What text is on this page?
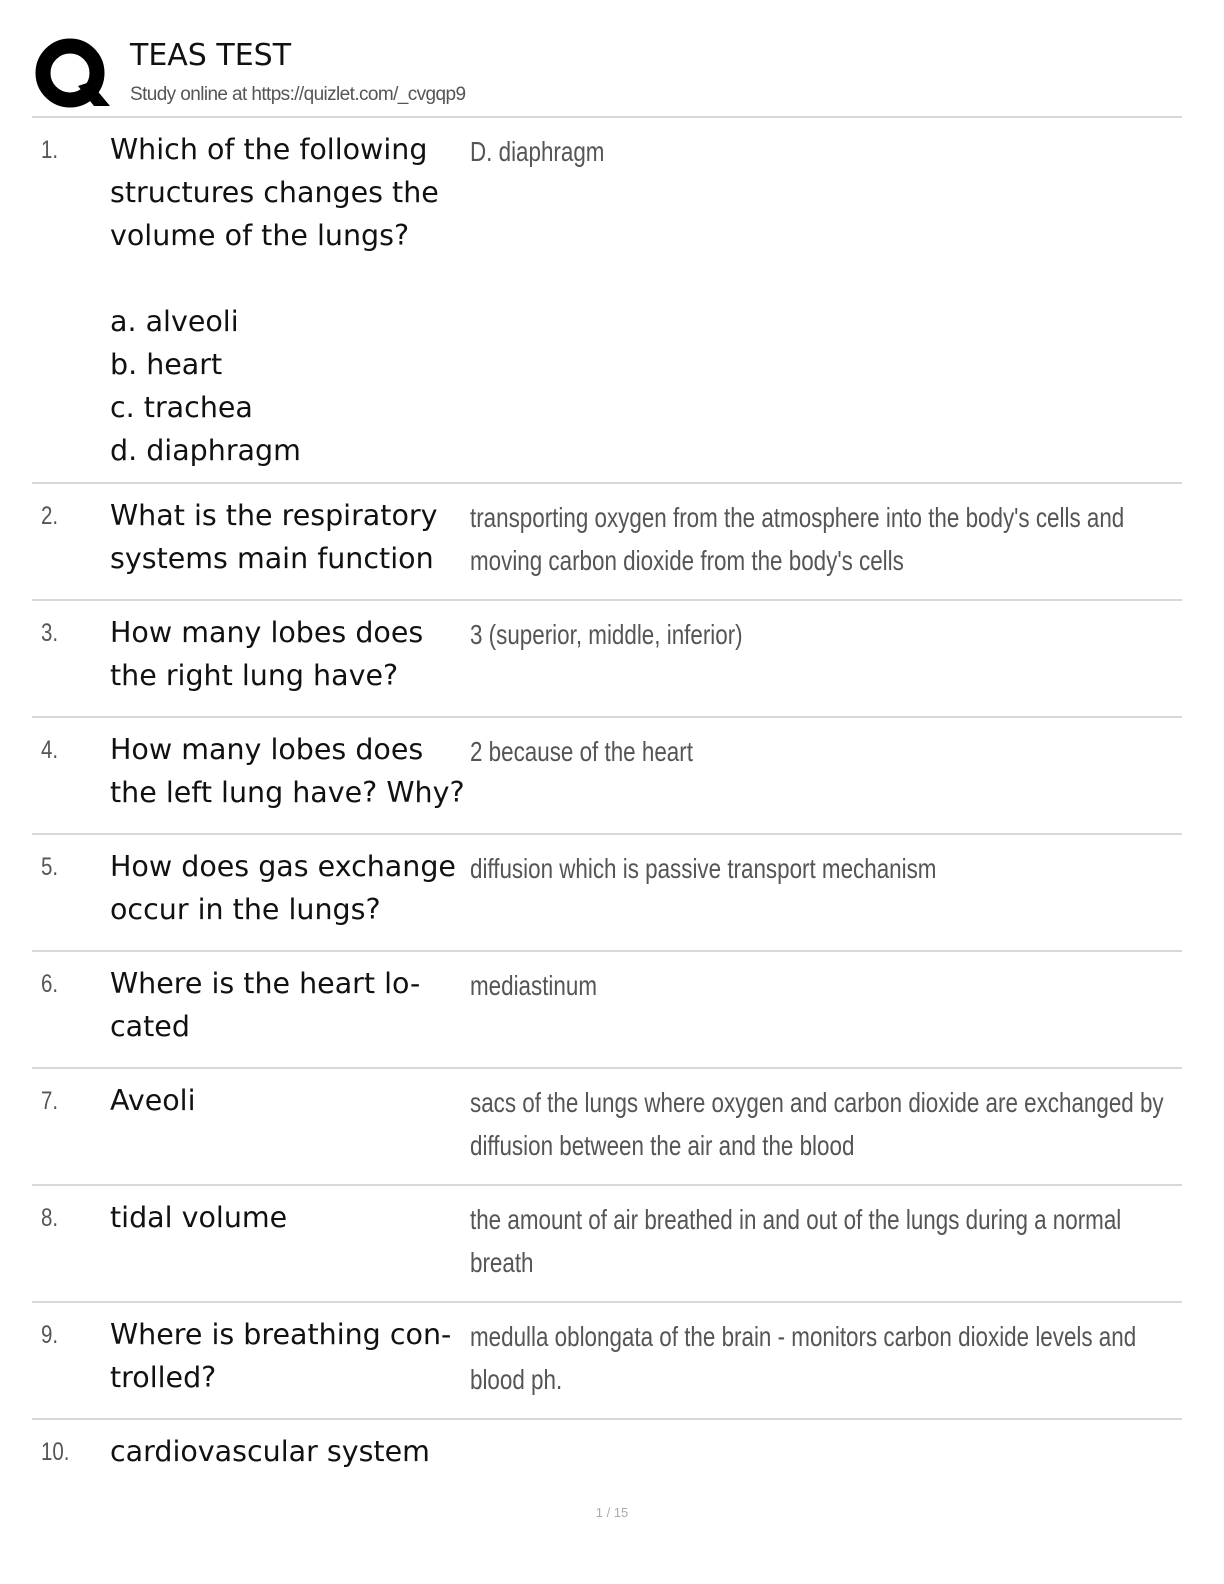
TEAS TEST
Study online at https://quizlet.com/_cvgqp9
1. Which of the following
structures changes the
volume of the lungs?

a. alveoli
b. heart
c. trachea
d. diaphragm
D. diaphragm
2. What is the respiratory
systems main function
transporting oxygen from the atmosphere into the body's cells and
moving carbon dioxide from the body's cells
3. How many lobes does
the right lung have?
3 (superior, middle, inferior)
4. How many lobes does
the left lung have? Why?
2 because of the heart
5. How does gas exchange
occur in the lungs?
diffusion which is passive transport mechanism
6. Where is the heart lo-
cated
mediastinum
7. Aveoli	sacs of the lungs where oxygen and carbon dioxide are exchanged by
diffusion between the air and the blood
8. tidal volume	the amount of air breathed in and out of the lungs during a normal
breath
9. Where is breathing con-
trolled?
medulla oblongata of the brain - monitors carbon dioxide levels and
blood ph.
10. cardiovascular system
1 / 15
